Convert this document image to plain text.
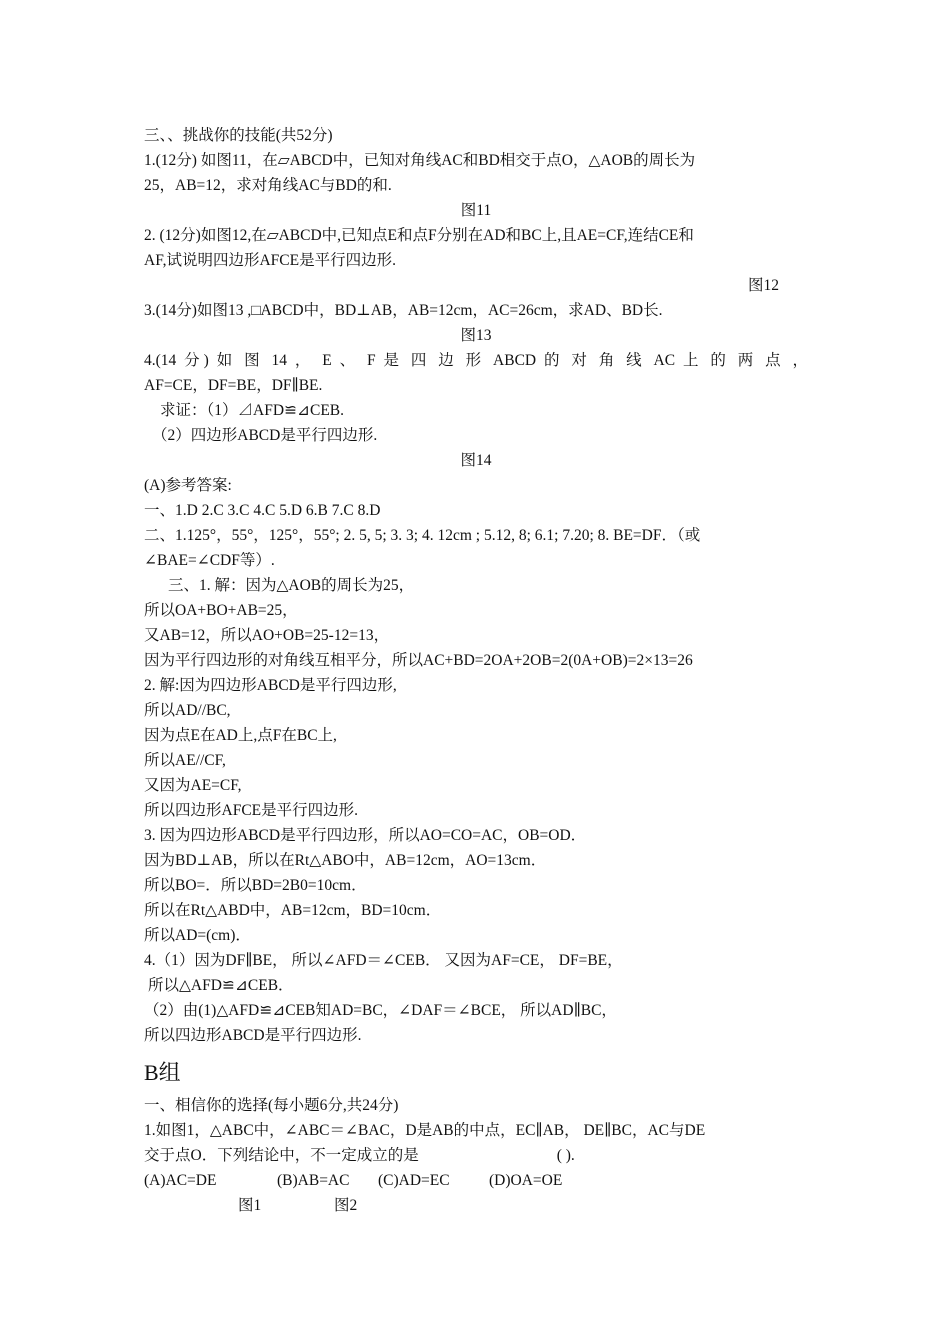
三、、挑战你的技能(共52分)
1.(12分) 如图11，在▱ABCD中，已知对角线AC和BD相交于点O，△AOB的周长为
25，AB=12，求对角线AC与BD的和.
图11
2. (12分)如图12,在▱ABCD中,已知点E和点F分别在AD和BC上,且AE=CF,连结CE和
AF,试说明四边形AFCE是平行四边形.
图12
3.(14分)如图13 ,□ABCD中，BD⊥AB，AB=12cm，AC=26cm，求AD、BD长.
图13
4.(14 分) 如 图 14 ， E 、 F 是 四 边 形 ABCD 的 对 角 线 AC 上 的 两 点 ，
AF=CE，DF=BE，DF∥BE.
求证：（1）⊿AFD≌⊿CEB.
（2）四边形ABCD是平行四边形.
图14
(A)参考答案:
一、1.D 2.C 3.C 4.C 5.D 6.B 7.C 8.D
二、1.125°，55°，125°，55°; 2. 5, 5; 3. 3; 4. 12cm ; 5.12, 8; 6.1; 7.20; 8. BE=DF．（或
∠BAE=∠CDF等）.
三、1. 解：因为△AOB的周长为25，
所以OA+BO+AB=25，
又AB=12，所以AO+OB=25-12=13，
因为平行四边形的对角线互相平分，所以AC+BD=2OA+2OB=2(0A+OB)=2×13=26
2. 解:因为四边形ABCD是平行四边形,
所以AD//BC,
因为点E在AD上,点F在BC上,
所以AE//CF,
又因为AE=CF,
所以四边形AFCE是平行四边形.
3. 因为四边形ABCD是平行四边形，所以AO=CO=AC，OB=OD．
因为BD⊥AB，所以在Rt△ABO中，AB=12cm，AO=13cm．
所以BO=．所以BD=2B0=10cm．
所以在Rt△ABD中，AB=12cm，BD=10cm．
所以AD=(cm)．
4.（1）因为DF∥BE， 所以∠AFD＝∠CEB． 又因为AF=CE， DF=BE，
所以△AFD≌⊿CEB．
（2）由(1)△AFD≌⊿CEB知AD=BC，∠DAF＝∠BCE， 所以AD∥BC，
所以四边形ABCD是平行四边形.
B组
一、相信你的选择(每小题6分,共24分)
1.如图1，△ABC中，∠ABC＝∠BAC，D是AB的中点，EC∥AB， DE∥BC，AC与DE
交于点O．下列结论中，不一定成立的是	( ).
(A)AC=DE	(B)AB=AC (C)AD=EC	(D)OA=OE
图1	图2
